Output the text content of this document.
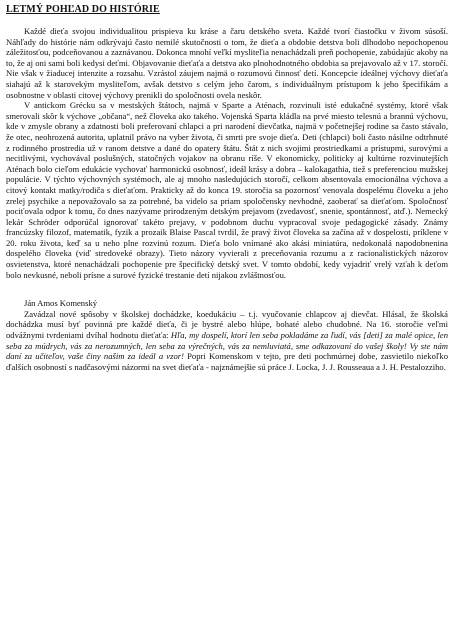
LETMÝ POHĽAD DO HISTÓRIE

Každé dieťa svojou individualitou prispieva ku kráse a čaru detského sveta. Každé tvorí čiastočku v živom súsoší. Náhľady do histórie nám odkrývajú často nemilé skutočnosti o tom, že dieťa a obdobie detstva boli dlhodobo nepochopenou záležitosťou, podceňovanou a zaznávanou. Dokonca mnohí veľkí mysliteľia nenachádzali preň pochopenie, zabúdajúc akoby na to, že aj oni sami boli kedysi deťmi. Objavovanie dieťaťa a detstva ako plnohodnotného obdobia sa prejavovalo až v 17. storočí. Nie však v žiaducej intenzite a rozsahu. Vzrástol záujem najmä o rozumovú činnosť detí. Koncepcie ideálnej výchovy dieťaťa siahajú až k starovekým mysliteľom, avšak detstvo s celým jeho čarom, s individuálnym prístupom k jeho špecifikám a osobnostne v oblasti citovej výchovy prenikli do spoločnosti ovela neskôr.

V antickom Grécku sa v mestských štátoch, najmä v Sparte a Aténach, rozvinuli isté edukačné systémy, ktoré však smerovali skôr k výchove „občana“, než človeka ako takého. Vojenská Sparta kládla na prvé miesto telesnú a brannú výchovu, kde v zmysle obrany a zdatnosti boli preferovaní chlapci a pri narodení dievčatka, najmä v početnejšej rodine sa často stávalo, že otec, neohrozená autorita, uplatnil právo na vyber života, či smrti pre svoje dieťa. Deti (chlapci) boli často násilne odtrhnuté z rodinného prostredia už v ranom detstve a dané do opatery štátu. Štát z nich svojimi prostriedkami a prístupmi, surovými a necitlivými, vychovával poslušných, statočných vojakov na obranu ríše. V ekonomicky, politicky aj kultúrne rozvinutejších Aténach bolo cieľom edukácie vychovať harmonickú osobnosť, ideál krásy a dobra – kalokagathia, tiež s preferenciou mužskej populácie. V týchto výchovných systémoch, ale aj mnoho nasledujúcich storočí, celkom absentovala emocionálna výchova a citový kontakt matky/rodiča s dieťaťom. Prakticky až do konca 19. storočia sa pozornosť venovala dospelému človeku a jeho zrelej psychike a nepovažovalo sa za potrebné, ba videlo sa priam spoločensky nevhodné, zaoberať sa dieťaťom. Spoločnosť pociťovala odpor k tomu, čo dnes nazývame prirodzeným detským prejavom (zvedavosť, snenie, spontánnosť, atď.). Nemecký lekár Schröder odporúčal ignorovať takéto prejavy, v podobnom duchu vypracoval svoje pedagogické zásady. Známy francúzsky filozof, matematik, fyzik a prozaik Blaise Pascal tvrdil, že pravý život človeka sa začína až v dospelosti, príklene v 20. roku života, keď sa u neho plne rozvinú rozum. Dieťa bolo vnímané ako akási miniatúra, nedokonalá napodobnenina dospelého človeka (viď stredoveké obrazy). Tieto názory vyvierali z preceňovania rozumu a z racionalistických názorov osvietenstva, ktoré nenachádzali pochopenie pre špecifický detský svet. V tomto období, kedy vyjadriť vrelý vzťah k deťom bolo nevkusné, neboli prísne a surové fyzické trestanie detí nijakou zvláštnosťou.

Ján Amos Komenský

Zavádzal nové spôsoby v školskej dochádzke, koedukáciu – t.j. vyučovanie chlapcov aj dievčat. Hlásal, že školská dochádzka musí byť povinná pre každé dieťa, či je bystré alebo hlúpe, bohaté alebo chudobné. Na 16. storočie veľmi odvážnymi tvrdeniami dvíhal hodnotu dieťaťa: Hľa, my dospelí, ktorí len seba pokladáme za ľudí, vás [deti] za malé opice, len seba za múdrych, vás za nerozumných, len seba za výrečných, vás za nemluviatá, sme odkazovaní do vašej školy! Vy ste nám daní za učiteľov, vaše činy našim za ideál a vzor! Popri Komenskom v tejto, pre deti pochmúrnej dobe, zasvietilo niekoľko ďalších osobností s nadčasovými názormi na svet dieťaťa - najznámejšie sú práce J. Locka, J. J. Rousseaua a J. H. Pestalozziho.
